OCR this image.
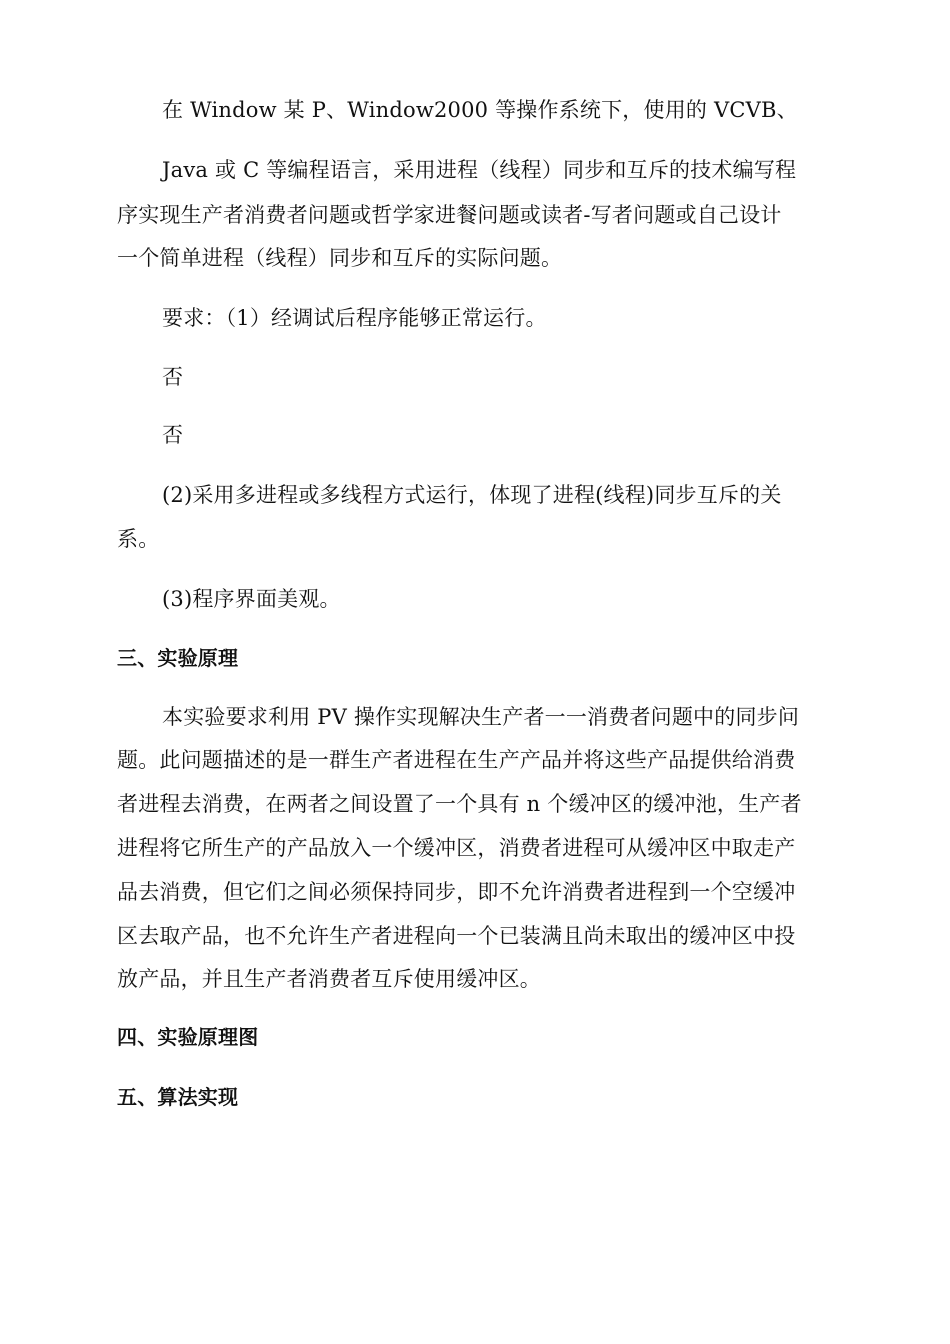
在 Window 某 P、Window2000 等操作系统下，使用的 VCVB、
Java 或 C 等编程语言，采用进程（线程）同步和互斥的技术编写程
序实现生产者消费者问题或哲学家进餐问题或读者-写者问题或自己设计
一个简单进程（线程）同步和互斥的实际问题。
要求：（1）经调试后程序能够正常运行。
否
否
(2)采用多进程或多线程方式运行，体现了进程(线程)同步互斥的关
系。
(3)程序界面美观。
三、实验原理
本实验要求利用 PV 操作实现解决生产者一一消费者问题中的同步问
题。此问题描述的是一群生产者进程在生产产品并将这些产品提供给消费
者进程去消费，在两者之间设置了一个具有 n 个缓冲区的缓冲池，生产者
进程将它所生产的产品放入一个缓冲区，消费者进程可从缓冲区中取走产
品去消费，但它们之间必须保持同步，即不允许消费者进程到一个空缓冲
区去取产品，也不允许生产者进程向一个已装满且尚未取出的缓冲区中投
放产品，并且生产者消费者互斥使用缓冲区。
四、实验原理图
五、算法实现
